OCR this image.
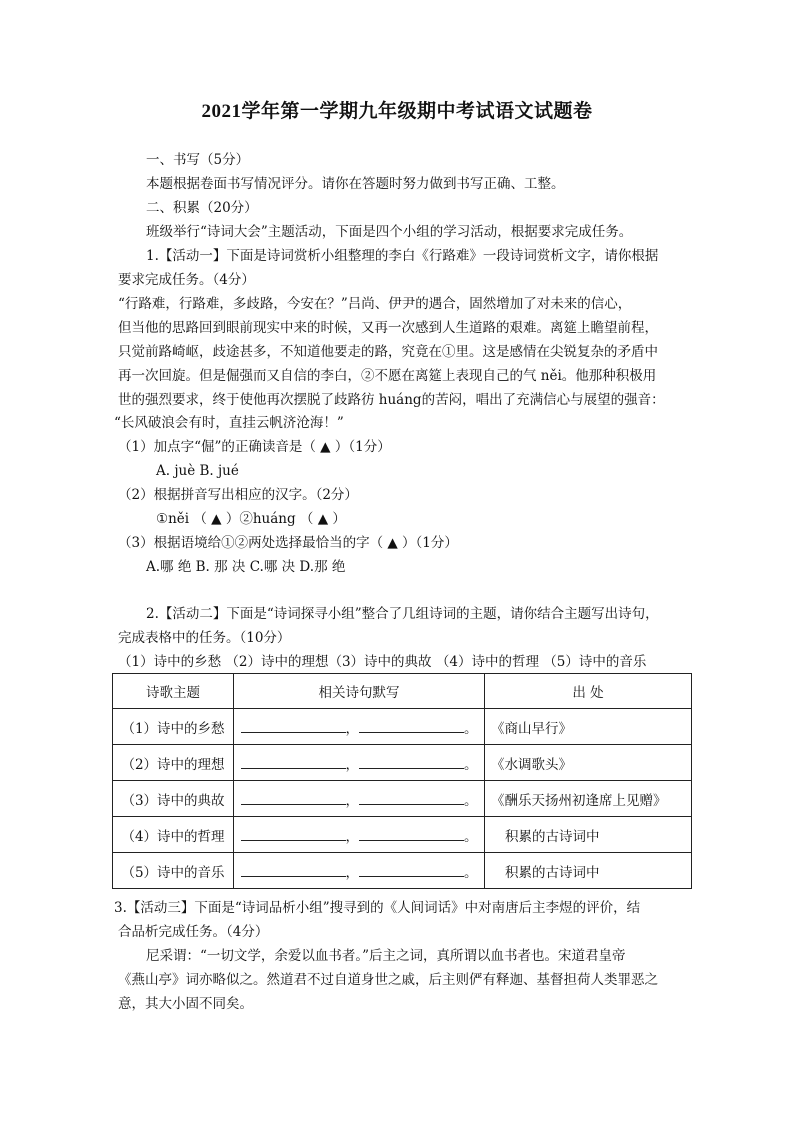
2021学年第一学期九年级期中考试语文试题卷
一、书写（5分）
本题根据卷面书写情况评分。请你在答题时努力做到书写正确、工整。
二、积累（20分）
班级举行“诗词大会”主题活动，下面是四个小组的学习活动，根据要求完成任务。
1.【活动一】下面是诗词赏析小组整理的李白《行路难》一段诗词赏析文字，请你根据
要求完成任务。（4分）
“行路难，行路难，多歧路，今安在？”吕尚、伊尹的遇合，固然增加了对未来的信心，
但当他的思路回到眼前现实中来的时候，又再一次感到人生道路的艰难。离筵上瞻望前程，
只觉前路崎岖，歧途甚多，不知道他要走的路，究竟在①里。这是感情在尖锐复杂的矛盾中
再一次回旋。但是倔强而又自信的李白，②不愿在离筵上表现自己的气 něi。他那种积极用
世的强烈要求，终于使他再次摆脱了歧路彷 huáng的苦闷，唱出了充满信心与展望的强音：
“长风破浪会有时，直挂云帆济沧海！”
（1）加点字“倔”的正确读音是（ ▲ ）（1分）
A. juè B. jué
（2）根据拼音写出相应的汉字。（2分）
①něi （ ▲ ）②huáng （ ▲ ）
（3）根据语境给①②两处选择最恰当的字（ ▲ ）（1分）
A.哪 绝 B. 那 决 C.哪 决 D.那 绝
2.【活动二】下面是“诗词探寻小组”整合了几组诗词的主题，请你结合主题写出诗句，
完成表格中的任务。（10分）
（1）诗中的乡愁 （2）诗中的理想（3）诗中的典故 （4）诗中的哲理 （5）诗中的音乐
诗歌主题	相关诗句默写	出 处
（1）诗中的乡愁	， 。	《商山早行》
（2）诗中的理想	， 。	《水调歌头》
（3）诗中的典故	， 。	《酬乐天扬州初逢席上见赠》
（4）诗中的哲理	， 。	积累的古诗词中
（5）诗中的音乐	， 。	积累的古诗词中
3.【活动三】下面是“诗词品析小组”搜寻到的《人间词话》中对南唐后主李煜的评价，结
合品析完成任务。（4分）
尼采谓：“一切文学，余爱以血书者。”后主之词，真所谓以血书者也。宋道君皇帝
《燕山亭》词亦略似之。然道君不过自道身世之戚，后主则俨有释迦、基督担荷人类罪恶之
意，其大小固不同矣。
